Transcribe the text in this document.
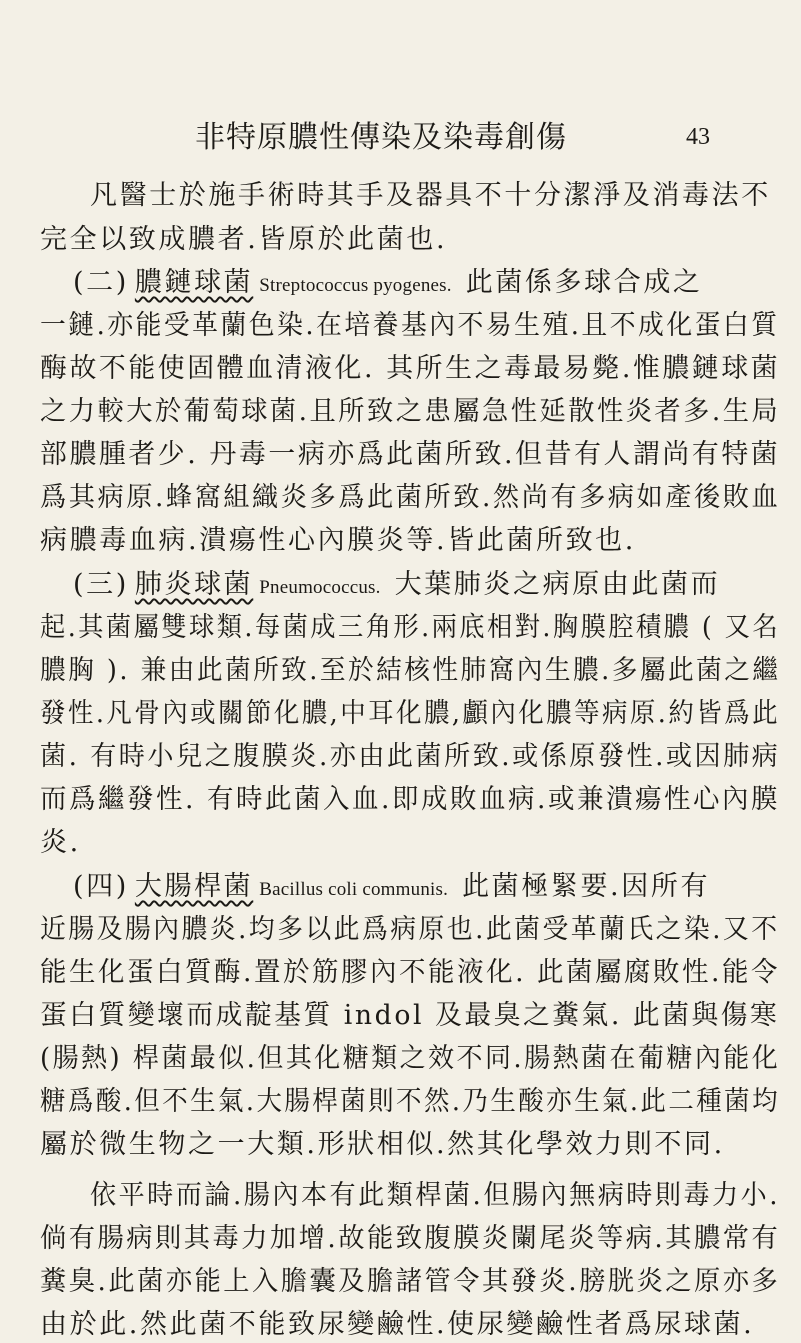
非特原膿性傳染及染毒創傷	43
凡醫士於施手術時其手及器具不十分潔淨及消毒法不
完全以致成膿者.皆原於此菌也.
(二) 膿鏈球菌 Streptococcus pyogenes. 此菌係多球合成之
一鏈.亦能受革蘭色染.在培養基內不易生殖.且不成化蛋白質
酶故不能使固體血清液化. 其所生之毒最易斃.惟膿鏈球菌
之力較大於葡萄球菌.且所致之患屬急性延散性炎者多.生局
部膿腫者少. 丹毒一病亦爲此菌所致.但昔有人謂尚有特菌
爲其病原.蜂窩組織炎多爲此菌所致.然尚有多病如產後敗血
病膿毒血病.潰瘍性心內膜炎等.皆此菌所致也.
(三) 肺炎球菌 Pneumococcus. 大葉肺炎之病原由此菌而
起.其菌屬雙球類.每菌成三角形.兩底相對.胸膜腔積膿 ( 又名
膿胸 ). 兼由此菌所致.至於結核性肺窩內生膿.多屬此菌之繼
發性.凡骨內或關節化膿,中耳化膿,顱內化膿等病原.約皆爲此
菌. 有時小兒之腹膜炎.亦由此菌所致.或係原發性.或因肺病
而爲繼發性. 有時此菌入血.即成敗血病.或兼潰瘍性心內膜
炎.
(四) 大腸桿菌 Bacillus coli communis. 此菌極緊要.因所有
近腸及腸內膿炎.均多以此爲病原也.此菌受革蘭氏之染.又不
能生化蛋白質酶.置於筋膠內不能液化. 此菌屬腐敗性.能令
蛋白質變壞而成靛基質 indol 及最臭之糞氣. 此菌與傷寒
(腸熱) 桿菌最似.但其化糖類之效不同.腸熱菌在葡糖內能化
糖爲酸.但不生氣.大腸桿菌則不然.乃生酸亦生氣.此二種菌均
屬於微生物之一大類.形狀相似.然其化學效力則不同.
依平時而論.腸內本有此類桿菌.但腸內無病時則毒力小.
倘有腸病則其毒力加增.故能致腹膜炎闌尾炎等病.其膿常有
糞臭.此菌亦能上入膽囊及膽諸管令其發炎.膀胱炎之原亦多
由於此.然此菌不能致尿變鹼性.使尿變鹼性者爲尿球菌.
